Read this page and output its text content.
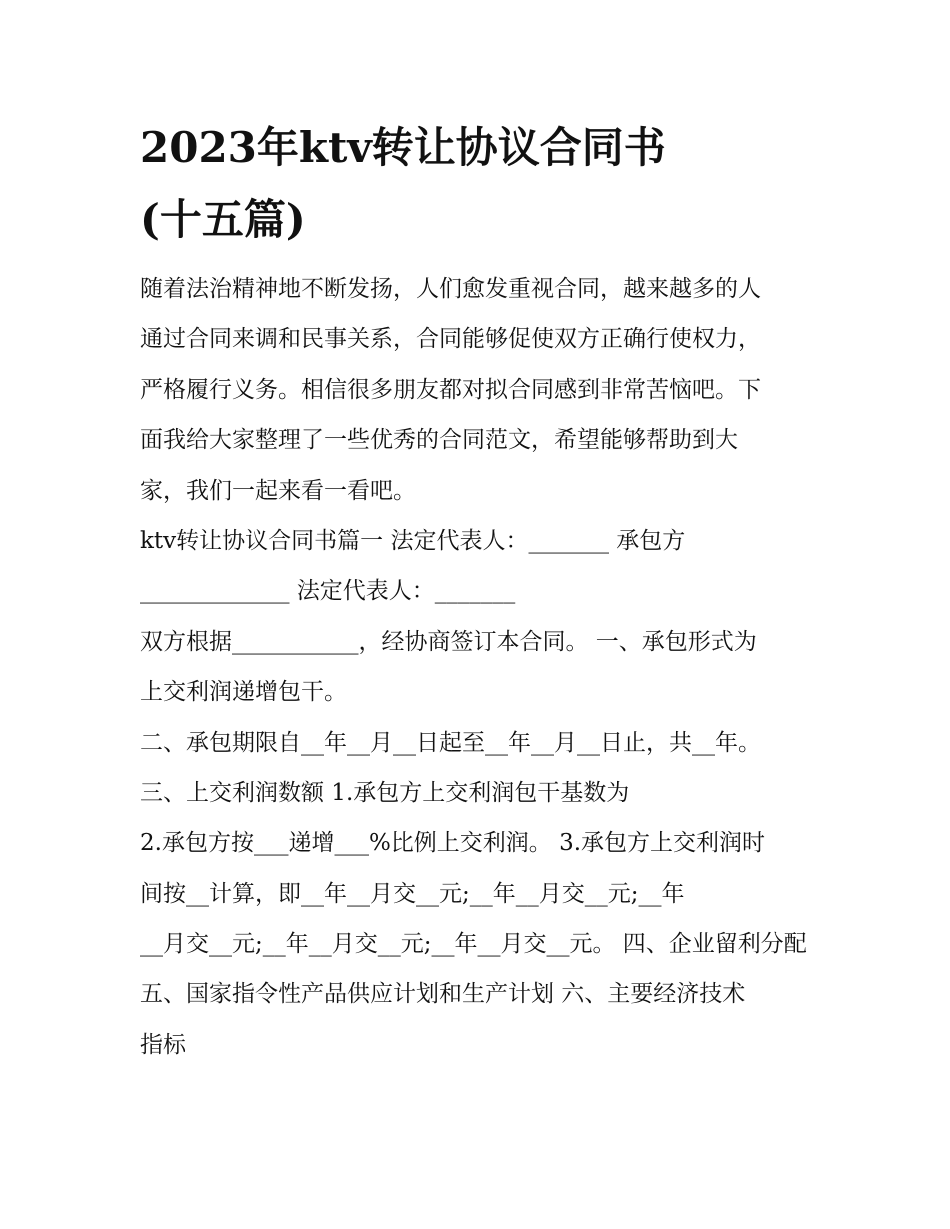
2023年ktv转让协议合同书
(十五篇)
随着法治精神地不断发扬，人们愈发重视合同，越来越多的人
通过合同来调和民事关系，合同能够促使双方正确行使权力，
严格履行义务。相信很多朋友都对拟合同感到非常苦恼吧。下
面我给大家整理了一些优秀的合同范文，希望能够帮助到大
家，我们一起来看一看吧。
ktv转让协议合同书篇一 法定代表人：_______ 承包方
_____________ 法定代表人：_______
双方根据___________，经协商签订本合同。 一、承包形式为
上交利润递增包干。
二、承包期限自__年__月__日起至__年__月__日止，共__年。
三、上交利润数额 1.承包方上交利润包干基数为
2.承包方按___递增___%比例上交利润。 3.承包方上交利润时
间按__计算，即__年__月交__元;__年__月交__元;__年
__月交__元;__年__月交__元;__年__月交__元。 四、企业留利分配
五、国家指令性产品供应计划和生产计划 六、主要经济技术
指标
